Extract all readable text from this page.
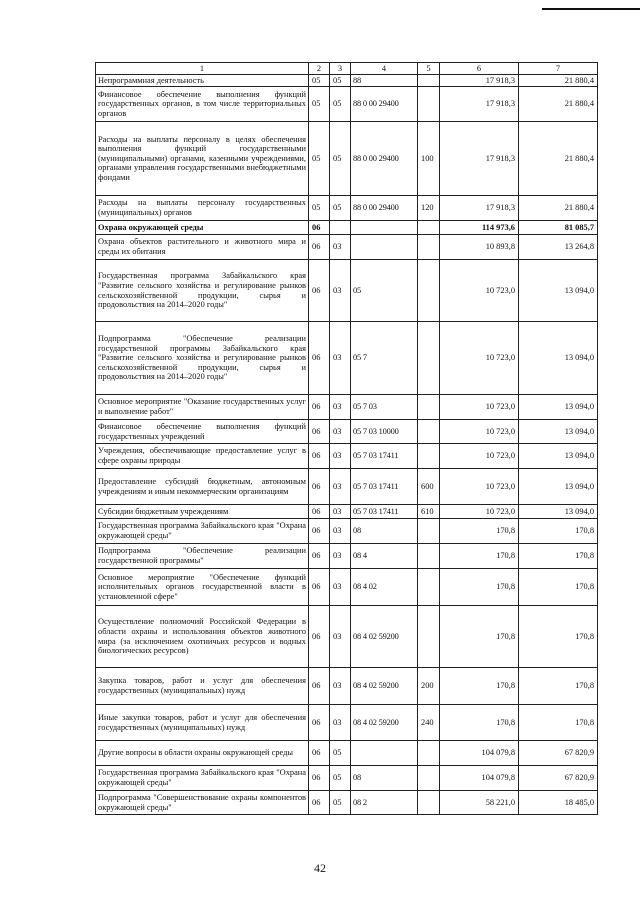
1	2	3	4	5	6	7
Непрограммная деятельность	05	05	88		17 918,3	21 880,4
Финансовое обеспечение выполнения функций государственных органов, в том числе территориальных органов	05	05	88 0 00 29400		17 918,3	21 880,4
Расходы на выплаты персоналу в целях обеспечения выполнения функций государственными (муниципальными) органами, казенными учреждениями, органами управления государственными внебюджетными фондами	05	05	88 0 00 29400	100	17 918,3	21 880,4
Расходы на выплаты персоналу государственных (муниципальных) органов	05	05	88 0 00 29400	120	17 918,3	21 880,4
Охрана окружающей среды	06				114 973,6	81 085,7
Охрана объектов растительного и животного мира и среды их обитания	06	03			10 893,8	13 264,8
Государственная программа Забайкальского края "Развитие сельского хозяйства и регулирование рынков сельскохозяйственной продукции, сырья и продовольствия на 2014–2020 годы"	06	03	05		10 723,0	13 094,0
Подпрограмма "Обеспечение реализации государственной программы Забайкальского края "Развитие сельского хозяйства и регулирование рынков сельскохозяйственной продукции, сырья и продовольствия на 2014–2020 годы"	06	03	05 7		10 723,0	13 094,0
Основное мероприятие "Оказание государственных услуг и выполнение работ"	06	03	05 7 03		10 723,0	13 094,0
Финансовое обеспечение выполнения функций государственных учреждений	06	03	05 7 03 10000		10 723,0	13 094,0
Учреждения, обеспечивающие предоставление услуг в сфере охраны природы	06	03	05 7 03 17411		10 723,0	13 094,0
Предоставление субсидий бюджетным, автономным учреждениям и иным некоммерческим организациям	06	03	05 7 03 17411	600	10 723,0	13 094,0
Субсидии бюджетным учреждениям	06	03	05 7 03 17411	610	10 723,0	13 094,0
Государственная программа Забайкальского края "Охрана окружающей среды"	06	03	08		170,8	170,8
Подпрограмма "Обеспечение реализации государственной программы"	06	03	08 4		170,8	170,8
Основное мероприятие "Обеспечение функций исполнительных органов государственной власти в установленной сфере"	06	03	08 4 02		170,8	170,8
Осуществление полномочий Российской Федерации в области охраны и использования объектов животного мира (за исключением охотничьих ресурсов и водных биологических ресурсов)	06	03	08 4 02 59200		170,8	170,8
Закупка товаров, работ и услуг для обеспечения государственных (муниципальных) нужд	06	03	08 4 02 59200	200	170,8	170,8
Иные закупки товаров, работ и услуг для обеспечения государственных (муниципальных) нужд	06	03	08 4 02 59200	240	170,8	170,8
Другие вопросы в области охраны окружающей среды	06	05			104 079,8	67 820,9
Государственная программа Забайкальского края "Охрана окружающей среды"	06	05	08		104 079,8	67 820,9
Подпрограмма "Совершенствование охраны компонентов окружающей среды"	06	05	08 2		58 221,0	18 485,0
42
